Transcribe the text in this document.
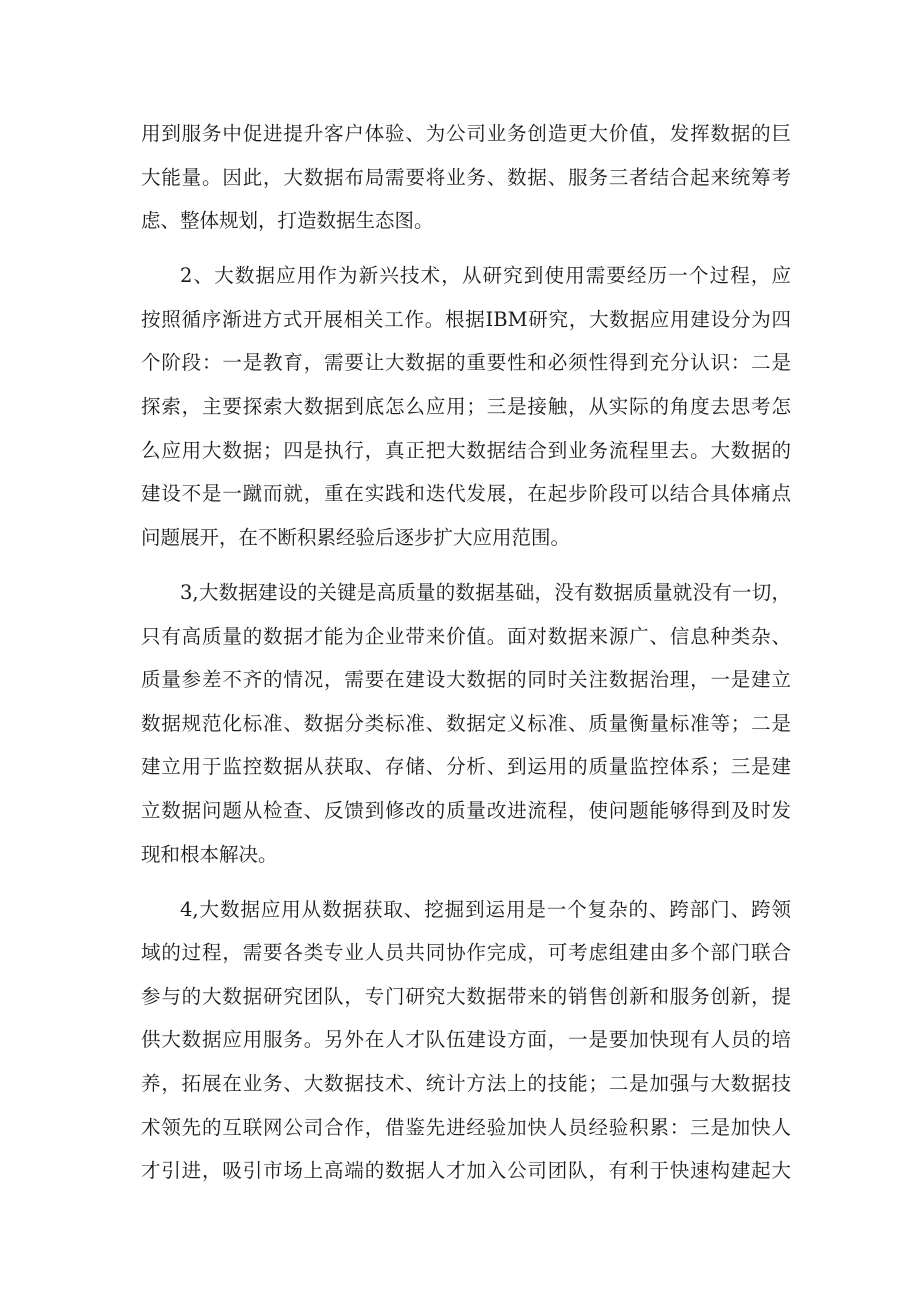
用到服务中促进提升客户体验、为公司业务创造更大价值，发挥数据的巨
大能量。因此，大数据布局需要将业务、数据、服务三者结合起来统筹考
虑、整体规划，打造数据生态图。
2、大数据应用作为新兴技术，从研究到使用需要经历一个过程，应
按照循序渐进方式开展相关工作。根据IBM研究，大数据应用建设分为四
个阶段：一是教育，需要让大数据的重要性和必须性得到充分认识：二是
探索，主要探索大数据到底怎么应用；三是接触，从实际的角度去思考怎
么应用大数据；四是执行，真正把大数据结合到业务流程里去。大数据的
建设不是一蹴而就，重在实践和迭代发展，在起步阶段可以结合具体痛点
问题展开，在不断积累经验后逐步扩大应用范围。
3,大数据建设的关键是高质量的数据基础，没有数据质量就没有一切，
只有高质量的数据才能为企业带来价值。面对数据来源广、信息种类杂、
质量参差不齐的情况，需要在建设大数据的同时关注数据治理，一是建立
数据规范化标准、数据分类标准、数据定义标准、质量衡量标准等；二是
建立用于监控数据从获取、存储、分析、到运用的质量监控体系；三是建
立数据问题从检查、反馈到修改的质量改进流程，使问题能够得到及时发
现和根本解决。
4,大数据应用从数据获取、挖掘到运用是一个复杂的、跨部门、跨领
域的过程，需要各类专业人员共同协作完成，可考虑组建由多个部门联合
参与的大数据研究团队，专门研究大数据带来的销售创新和服务创新，提
供大数据应用服务。另外在人才队伍建设方面，一是要加快现有人员的培
养，拓展在业务、大数据技术、统计方法上的技能；二是加强与大数据技
术领先的互联网公司合作，借鉴先进经验加快人员经验积累：三是加快人
才引进，吸引市场上高端的数据人才加入公司团队，有利于快速构建起大
